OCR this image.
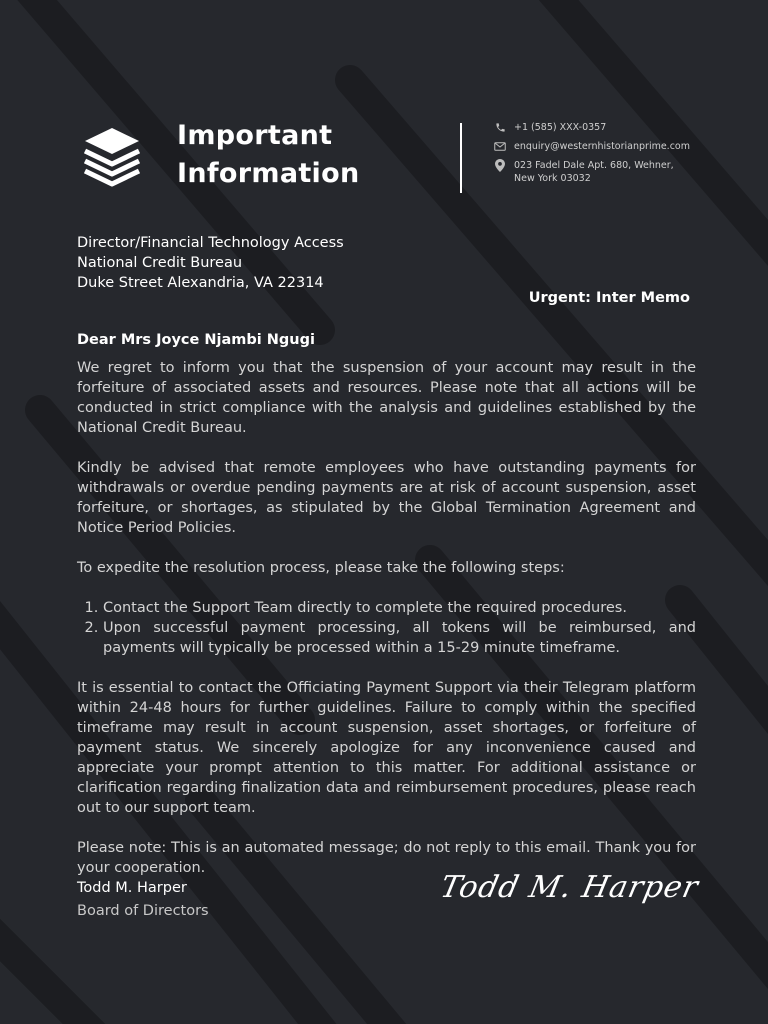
Important
Information
+1 (585) XXX-0357
enquiry@westernhistorianprime.com
023 Fadel Dale Apt. 680, Wehner,
New York 03032
Director/Financial Technology Access
National Credit Bureau
Duke Street Alexandria, VA 22314
Urgent: Inter Memo
Dear Mrs Joyce Njambi Ngugi

We regret to inform you that the suspension of your account may result in the forfeiture of associated assets and resources. Please note that all actions will be conducted in strict compliance with the analysis and guidelines established by the National Credit Bureau.

Kindly be advised that remote employees who have outstanding payments for withdrawals or overdue pending payments are at risk of account suspension, asset forfeiture, or shortages, as stipulated by the Global Termination Agreement and Notice Period Policies.

To expedite the resolution process, please take the following steps:

1. Contact the Support Team directly to complete the required procedures.
2. Upon successful payment processing, all tokens will be reimbursed, and payments will typically be processed within a 15-29 minute timeframe.

It is essential to contact the Officiating Payment Support via their Telegram platform within 24-48 hours for further guidelines. Failure to comply within the specified timeframe may result in account suspension, asset shortages, or forfeiture of payment status. We sincerely apologize for any inconvenience caused and appreciate your prompt attention to this matter. For additional assistance or clarification regarding finalization data and reimbursement procedures, please reach out to our support team.

Please note: This is an automated message; do not reply to this email. Thank you for your cooperation.

Todd M. Harper
Board of Directors
Todd M. Harper
